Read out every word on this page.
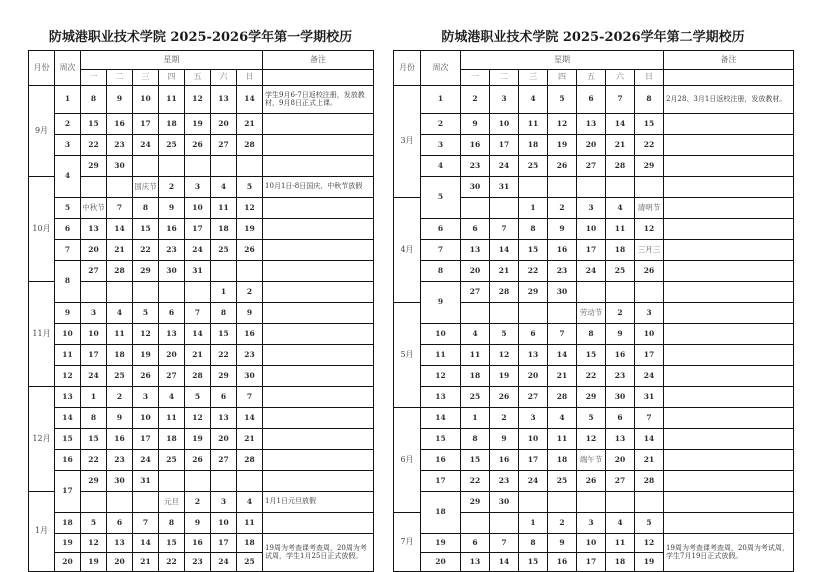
防城港职业技术学院 2025-2026学年第一学期校历
月份	周次	星期							备注
		一	二	三	四	五	六	日	
9月	1	8	9	10	11	12	13	14	学生9月6-7日返校注册，发放教材，9月8日正式上课。
	2	15	16	17	18	19	20	21	
	3	22	23	24	25	26	27	28	
	4	29	30						
10月				国庆节	2	3	4	5	10月1日-8日国庆、中秋节放假
	5	中秋节	7	8	9	10	11	12	
	6	13	14	15	16	17	18	19	
	7	20	21	22	23	24	25	26	
	8	27	28	29	30	31			
11月							1	2	
	9	3	4	5	6	7	8	9	
	10	10	11	12	13	14	15	16	
	11	17	18	19	20	21	22	23	
	12	24	25	26	27	28	29	30	
12月	13	1	2	3	4	5	6	7	
	14	8	9	10	11	12	13	14	
	15	15	16	17	18	19	20	21	
	16	22	23	24	25	26	27	28	
	17	29	30	31					
1月					元旦	2	3	4	1月1日元旦放假
	18	5	6	7	8	9	10	11	
	19	12	13	14	15	16	17	18	19周为考查课考查周，20周为考试周，学生1月25日正式放假。
	20	19	20	21	22	23	24	25	
防城港职业技术学院 2025-2026学年第二学期校历
月份	周次	星期							备注
		一	二	三	四	五	六	日	
3月	1	2	3	4	5	6	7	8	2月28、3月1日返校注册，发放教材。
	2	9	10	11	12	13	14	15	
	3	16	17	18	19	20	21	22	
	4	23	24	25	26	27	28	29	
	5	30	31						
4月				1	2	3	4	清明节	
	6	6	7	8	9	10	11	12	
	7	13	14	15	16	17	18	三月三	
	8	20	21	22	23	24	25	26	
	9	27	28	29	30				
5月						劳动节	2	3	
	10	4	5	6	7	8	9	10	
	11	11	12	13	14	15	16	17	
	12	18	19	20	21	22	23	24	
	13	25	26	27	28	29	30	31	
6月	14	1	2	3	4	5	6	7	
	15	8	9	10	11	12	13	14	
	16	15	16	17	18	端午节	20	21	
	17	22	23	24	25	26	27	28	
	18	29	30						
7月				1	2	3	4	5	
	19	6	7	8	9	10	11	12	19周为考查课考查周，20周为考试周，学生7月19日正式放假。
	20	13	14	15	16	17	18	19	
